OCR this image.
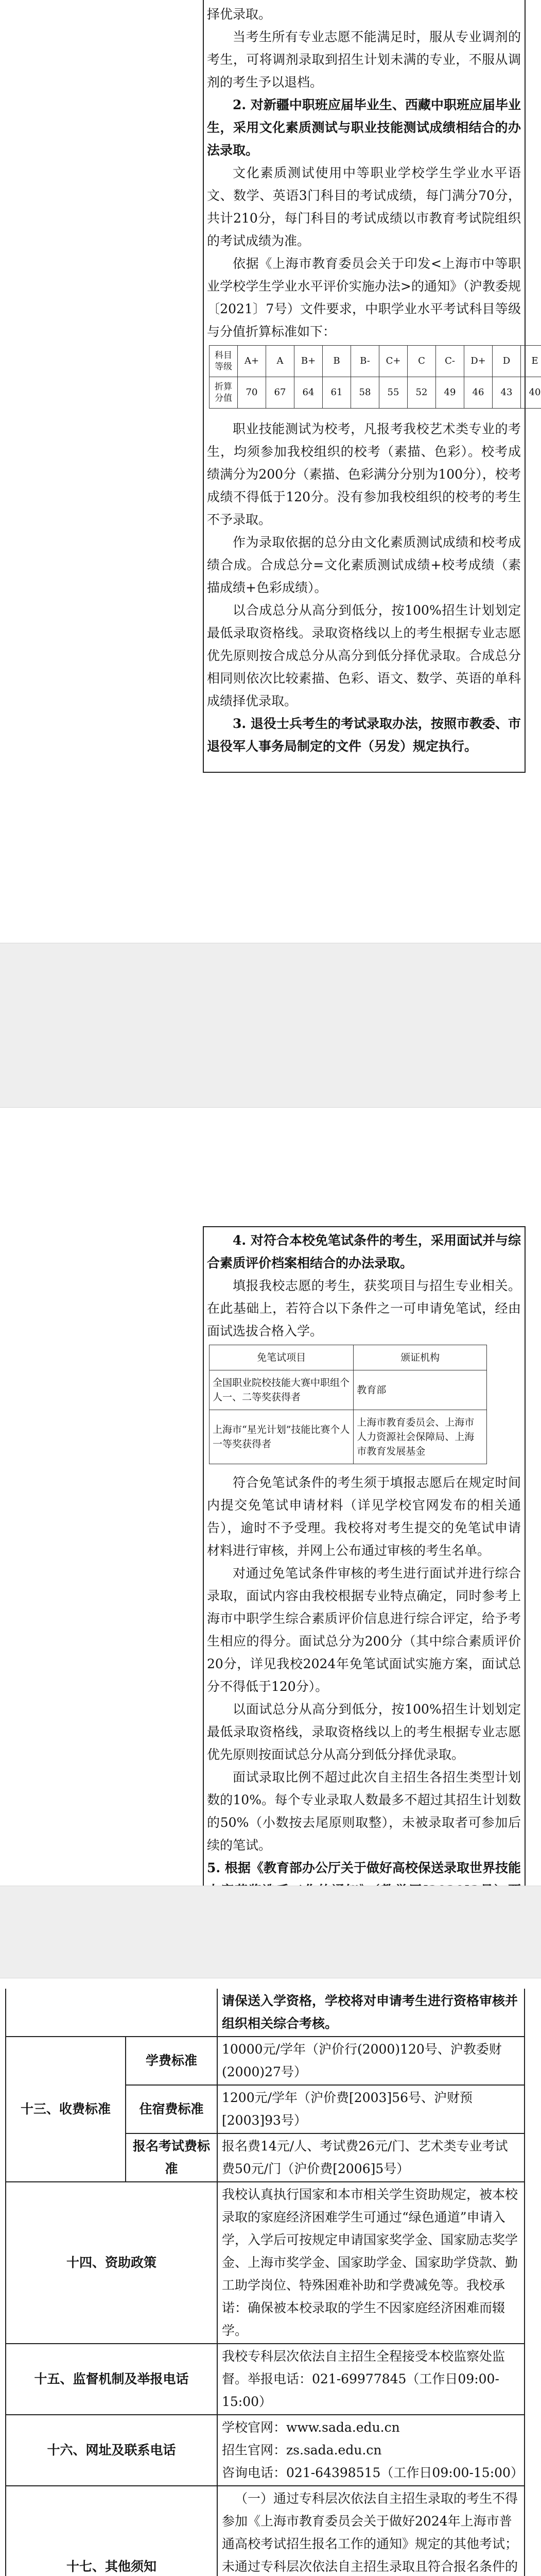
择优录取。

当考生所有专业志愿不能满足时，服从专业调剂的考生，可将调剂录取到招生计划未满的专业，不服从调剂的考生予以退档。

2. 对新疆中职班应届毕业生、西藏中职班应届毕业生，采用文化素质测试与职业技能测试成绩相结合的办法录取。

文化素质测试使用中等职业学校学生学业水平语文、数学、英语3门科目的考试成绩，每门满分70分，共计210分，每门科目的考试成绩以市教育考试院组织的考试成绩为准。

依据《上海市教育委员会关于印发<上海市中等职业学校学生学业水平评价实施办法>的通知》（沪教委规〔2021〕7号）文件要求，中职学业水平考试科目等级与分值折算标准如下：

科目等级	A+	A	B+	B	B-	C+	C	C-	D+	D	E
折算分值	70	67	64	61	58	55	52	49	46	43	40

职业技能测试为校考，凡报考我校艺术类专业的考生，均须参加我校组织的校考（素描、色彩）。校考成绩满分为200分（素描、色彩满分分别为100分），校考成绩不得低于120分。没有参加我校组织的校考的考生不予录取。

作为录取依据的总分由文化素质测试成绩和校考成绩合成。合成总分=文化素质测试成绩+校考成绩（素描成绩+色彩成绩）。

以合成总分从高分到低分，按100%招生计划划定最低录取资格线。录取资格线以上的考生根据专业志愿优先原则按合成总分从高分到低分择优录取。合成总分相同则依次比较素描、色彩、语文、数学、英语的单科成绩择优录取。

3. 退役士兵考生的考试录取办法，按照市教委、市退役军人事务局制定的文件（另发）规定执行。

4. 对符合本校免笔试条件的考生，采用面试并与综合素质评价档案相结合的办法录取。

填报我校志愿的考生，获奖项目与招生专业相关。在此基础上，若符合以下条件之一可申请免笔试，经由面试选拔合格入学。

免笔试项目	颁证机构
全国职业院校技能大赛中职组个人一、二等奖获得者	教育部
上海市“星光计划”技能比赛个人一等奖获得者	上海市教育委员会、上海市人力资源社会保障局、上海市教育发展基金

符合免笔试条件的考生须于填报志愿后在规定时间内提交免笔试申请材料（详见学校官网发布的相关通告），逾时不予受理。我校将对考生提交的免笔试申请材料进行审核，并网上公布通过审核的考生名单。

对通过免笔试条件审核的考生进行面试并进行综合录取，面试内容由我校根据专业特点确定，同时参考上海市中职学生综合素质评价信息进行综合评定，给予考生相应的得分。面试总分为200分（其中综合素质评价20分，详见我校2024年免笔试面试实施方案，面试总分不得低于120分）。

以面试总分从高分到低分，按100%招生计划划定最低录取资格线，录取资格线以上的考生根据专业志愿优先原则按面试总分从高分到低分择优录取。

面试录取比例不超过此次自主招生各招生类型计划数的10%。每个专业录取人数最多不超过其招生计划数的50%（小数按去尾原则取整），未被录取者可参加后续的笔试。

5. 根据《教育部办公厅关于做好高校保送录取世界技能

		请保送入学资格，学校将对申请考生进行资格审核并组织相关综合考核。
十三、收费标准	学费标准	10000元/学年（沪价行(2000)120号、沪教委财(2000)27号）
	住宿费标准	1200元/学年（沪价费[2003]56号、沪财预[2003]93号）
	报名考试费标准	报名费14元/人、考试费26元/门、艺术类专业考试费50元/门（沪价费[2006]5号）
十四、资助政策		我校认真执行国家和本市相关学生资助规定，被本校录取的家庭经济困难学生可通过“绿色通道”申请入学，入学后可按规定申请国家奖学金、国家励志奖学金、上海市奖学金、国家助学金、国家助学贷款、勤工助学岗位、特殊困难补助和学费减免等。我校承诺：确保被本校录取的学生不因家庭经济困难而辍学。
十五、监督机制及举报电话		我校专科层次依法自主招生全程接受本校监察处监督。举报电话：021-69977845（工作日09:00-15:00）
十六、网址及联系电话		学校官网：www.sada.edu.cn
招生官网：zs.sada.edu.cn
咨询电话：021-64398515（工作日09:00-15:00）

十七、其他须知		（一）通过专科层次依法自主招生录取的考生不得参加《上海市教育委员会关于做好2024年上海市普通高校考试招生报名工作的通知》规定的其他考试；未通过专科层次依法自主招生录取且符合报名条件的
